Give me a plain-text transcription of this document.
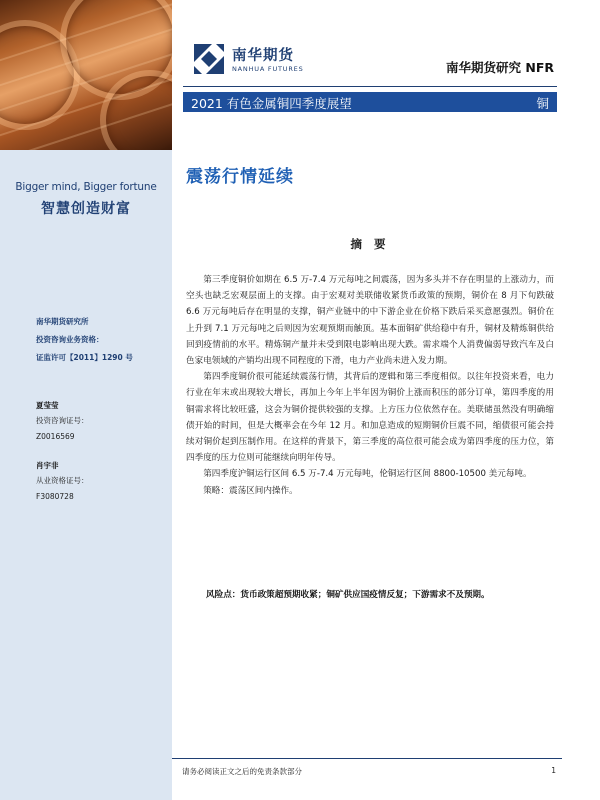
Bigger mind, Bigger fortune
智慧创造财富
南华期货研究所
投资咨询业务资格：
证监许可【2011】1290 号
夏莹莹
投资咨询证号：
Z0016569
肖宇非
从业资格证号：
F3080728
南华期货
NANHUA FUTURES	南华期货研究 NFR
2021 有色金属铜四季度展望	铜
震荡行情延续
摘 要

第三季度铜价如期在 6.5 万-7.4 万元每吨之间震荡，因为多头并不存在明显的上涨动力，而空头也缺乏宏观层面上的支撑。由于宏观对美联储收紧货币政策的预期，铜价在 8 月下旬跌破 6.6 万元每吨后存在明显的支撑，铜产业链中的中下游企业在价格下跌后采买意愿强烈。铜价在上升到 7.1 万元每吨之后则因为宏观预期而触顶。基本面铜矿供给稳中有升，铜材及精炼铜供给回到疫情前的水平。精炼铜产量并未受到限电影响出现大跌。需求端个人消费偏弱导致汽车及白色家电领域的产销均出现不同程度的下滑，电力产业尚未进入发力期。

第四季度铜价很可能延续震荡行情，其背后的逻辑和第三季度相似。以往年投资来看，电力行业在年末或出现较大增长，再加上今年上半年因为铜价上涨而积压的部分订单，第四季度的用铜需求将比较旺盛，这会为铜价提供较强的支撑。上方压力位依然存在。美联储虽然没有明确缩债开始的时间，但是大概率会在今年 12 月。和加息造成的短期铜价巨震不同，缩债很可能会持续对铜价起到压制作用。在这样的背景下，第三季度的高位很可能会成为第四季度的压力位，第四季度的压力位则可能继续向明年传导。

第四季度沪铜运行区间 6.5 万-7.4 万元每吨，伦铜运行区间 8800-10500 美元每吨。

策略：震荡区间内操作。

风险点：货币政策超预期收紧；铜矿供应国疫情反复；下游需求不及预期。
请务必阅读正文之后的免责条款部分	1
